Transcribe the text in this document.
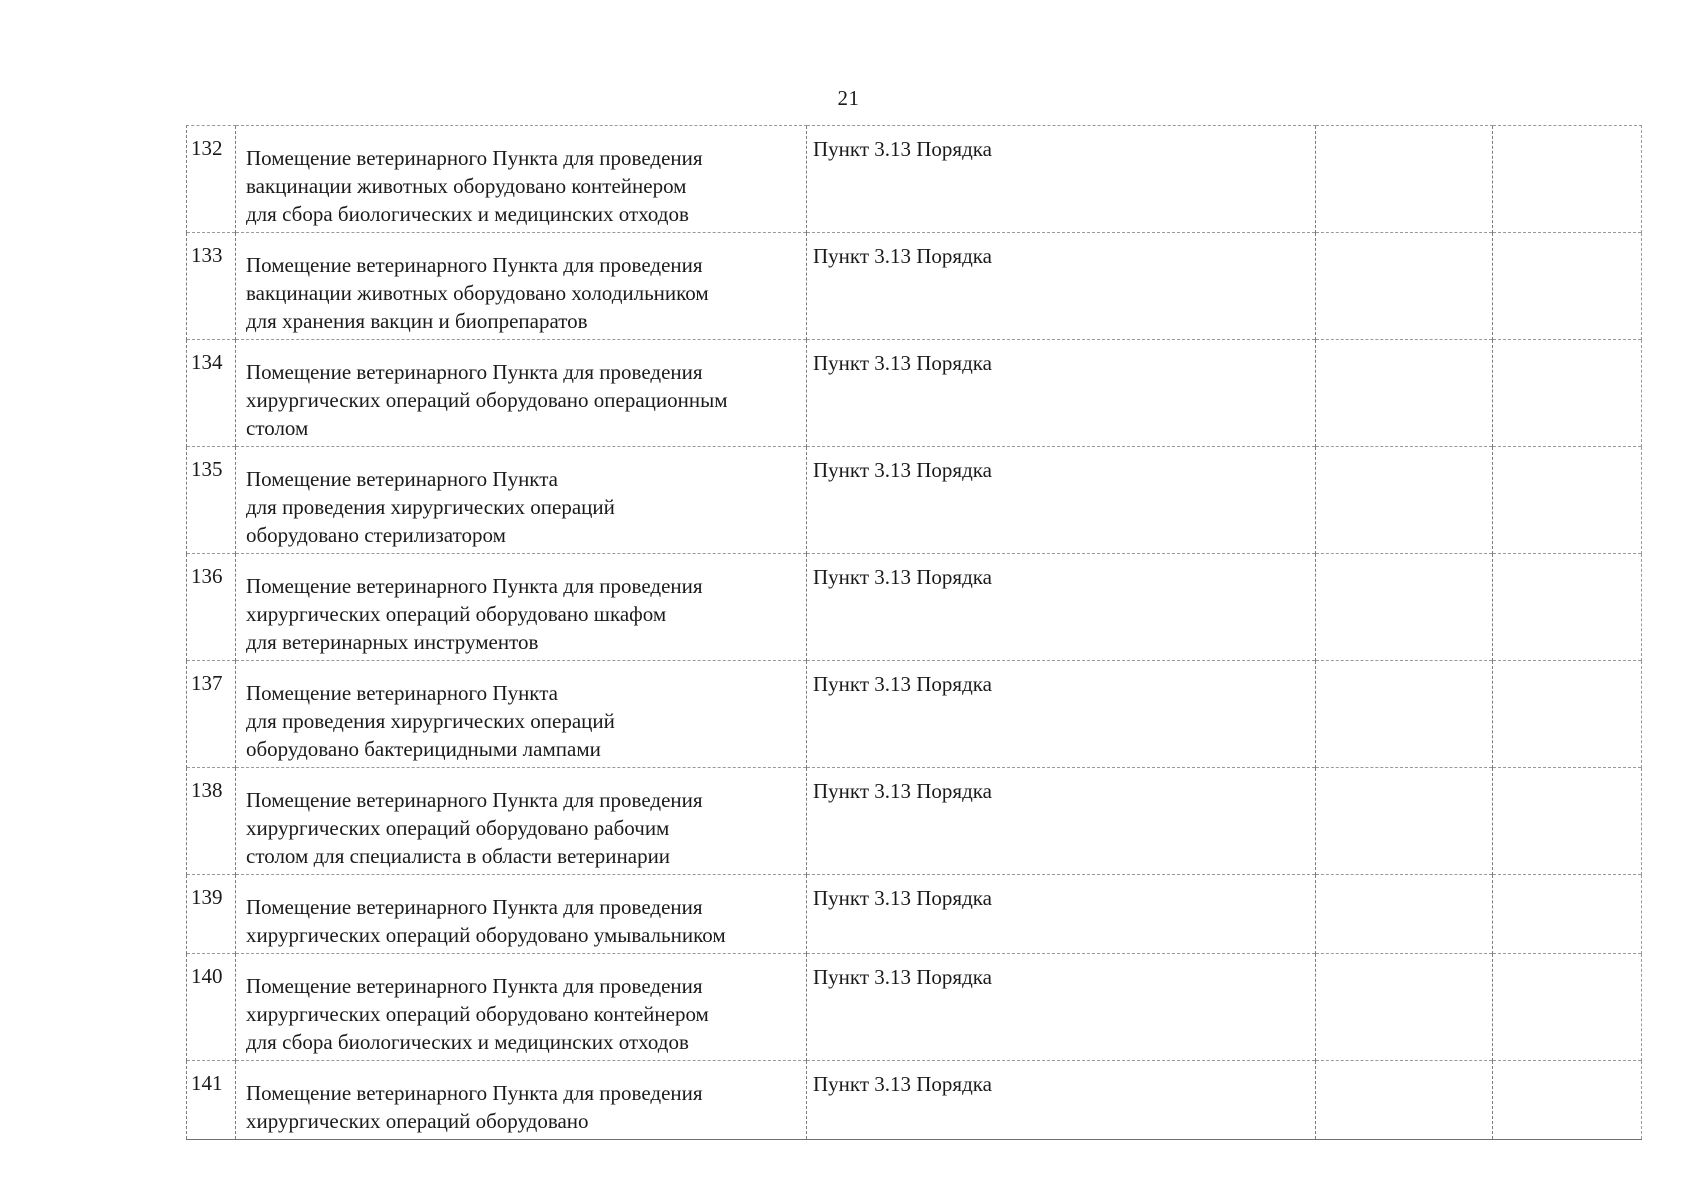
21
132	Помещение ветеринарного Пункта для проведения
вакцинации животных оборудовано контейнером
для сбора биологических и медицинских отходов	Пункт 3.13 Порядка		

133	Помещение ветеринарного Пункта для проведения
вакцинации животных оборудовано холодильником
для хранения вакцин и биопрепаратов	Пункт 3.13 Порядка		

134	Помещение ветеринарного Пункта для проведения
хирургических операций оборудовано операционным
столом	Пункт 3.13 Порядка		

135	Помещение ветеринарного Пункта
для проведения хирургических операций
оборудовано стерилизатором	Пункт 3.13 Порядка		

136	Помещение ветеринарного Пункта для проведения
хирургических операций оборудовано шкафом
для ветеринарных инструментов	Пункт 3.13 Порядка		

137	Помещение ветеринарного Пункта
для проведения хирургических операций
оборудовано бактерицидными лампами	Пункт 3.13 Порядка		

138	Помещение ветеринарного Пункта для проведения
хирургических операций оборудовано рабочим
столом для специалиста в области ветеринарии	Пункт 3.13 Порядка		

139	Помещение ветеринарного Пункта для проведения
хирургических операций оборудовано умывальником	Пункт 3.13 Порядка		

140	Помещение ветеринарного Пункта для проведения
хирургических операций оборудовано контейнером
для сбора биологических и медицинских отходов	Пункт 3.13 Порядка		

141	Помещение ветеринарного Пункта для проведения
хирургических операций оборудовано	Пункт 3.13 Порядка		
